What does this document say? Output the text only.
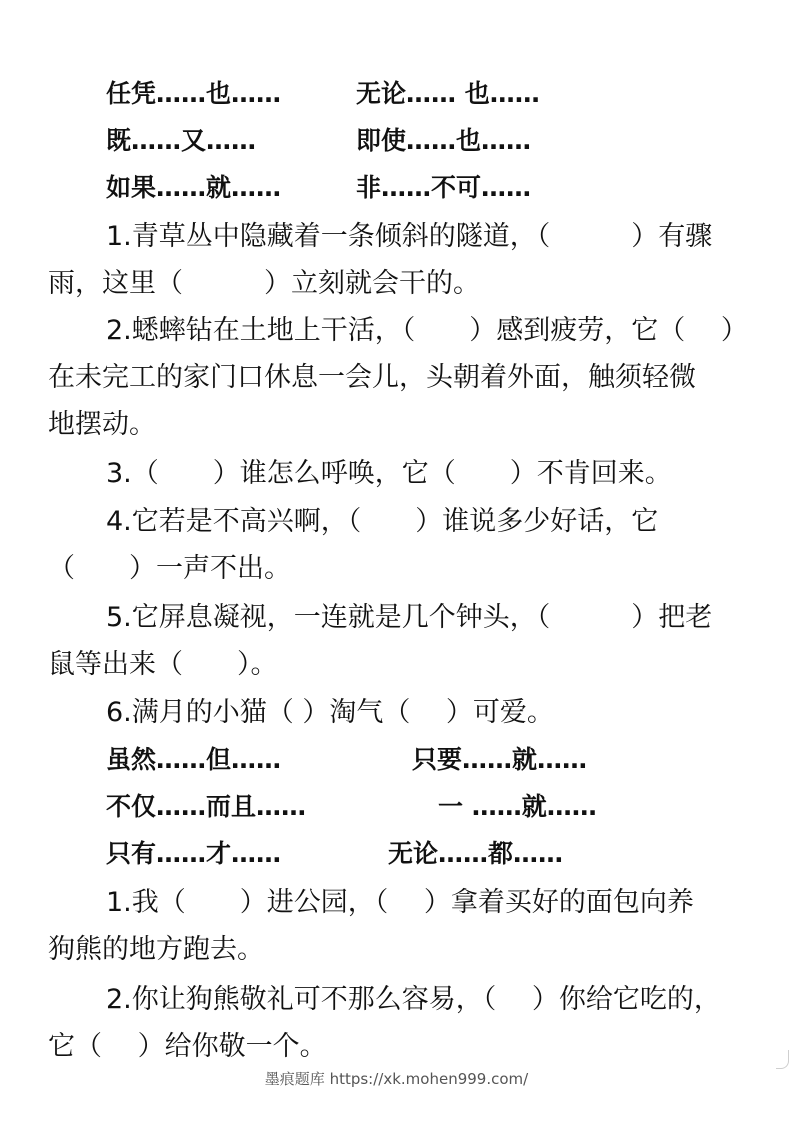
任凭……也……	无论…… 也……
既……又……	即使……也……
如果……就……	非……不可……
1.青草丛中隐藏着一条倾斜的隧道，（　　　）有骤
雨，这里（　　　）立刻就会干的。
2.蟋蟀钻在土地上干活，（　　）感到疲劳，它（　 ）
在未完工的家门口休息一会儿，头朝着外面，触须轻微
地摆动。
3.（　　）谁怎么呼唤，它（　　）不肯回来。
4.它若是不高兴啊，（　　）谁说多少好话，它
（　　）一声不出。
5.它屏息凝视，一连就是几个钟头，（　　　）把老
鼠等出来（　　）。
6.满月的小猫（ ）淘气（　 ）可爱。
虽然……但……	只要……就……
不仅……而且……	一 ……就……
只有……才……	无论……都……
1.我（　　）进公园，（　 ）拿着买好的面包向养
狗熊的地方跑去。
2.你让狗熊敬礼可不那么容易，（　 ）你给它吃的，
它（　 ）给你敬一个。
墨痕题库 https://xk.mohen999.com/
